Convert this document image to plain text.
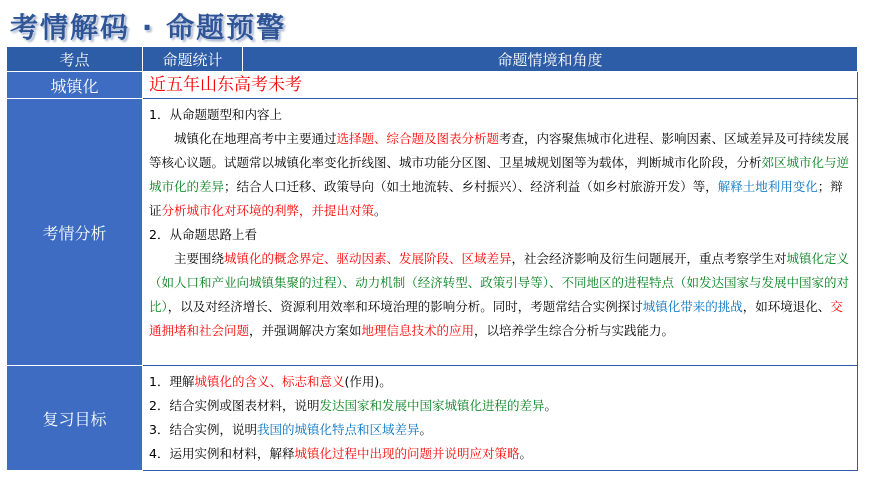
考情解码 · 命题预警
考点	命题统计	命题情境和角度
城镇化	近五年山东高考未考	
考情分析	1．从命题题型和内容上

城镇化在地理高考中主要通过选择题、综合题及图表分析题考查，内容聚焦城市化进程、影响因素、区域差异及可持续发展等核心议题。试题常以城镇化率变化折线图、城市功能分区图、卫星城规划图等为载体，判断城市化阶段，分析郊区城市化与逆城市化的差异；结合人口迁移、政策导向（如土地流转、乡村振兴）、经济利益（如乡村旅游开发）等，解释土地利用变化；辩证分析城市化对环境的利弊，并提出对策。

2．从命题思路上看

主要围绕城镇化的概念界定、驱动因素、发展阶段、区域差异，社会经济影响及衍生问题展开，重点考察学生对城镇化定义（如人口和产业向城镇集聚的过程）、动力机制（经济转型、政策引导等）、不同地区的进程特点（如发达国家与发展中国家的对比），以及对经济增长、资源利用效率和环境治理的影响分析。同时，考题常结合实例探讨城镇化带来的挑战，如环境退化、交通拥堵和社会问题，并强调解决方案如地理信息技术的应用，以培养学生综合分析与实践能力。	

复习目标	1．理解城镇化的含义、标志和意义(作用)。

2．结合实例或图表材料，说明发达国家和发展中国家城镇化进程的差异。

3．结合实例，说明我国的城镇化特点和区域差异。

4．运用实例和材料，解释城镇化过程中出现的问题并说明应对策略。	
